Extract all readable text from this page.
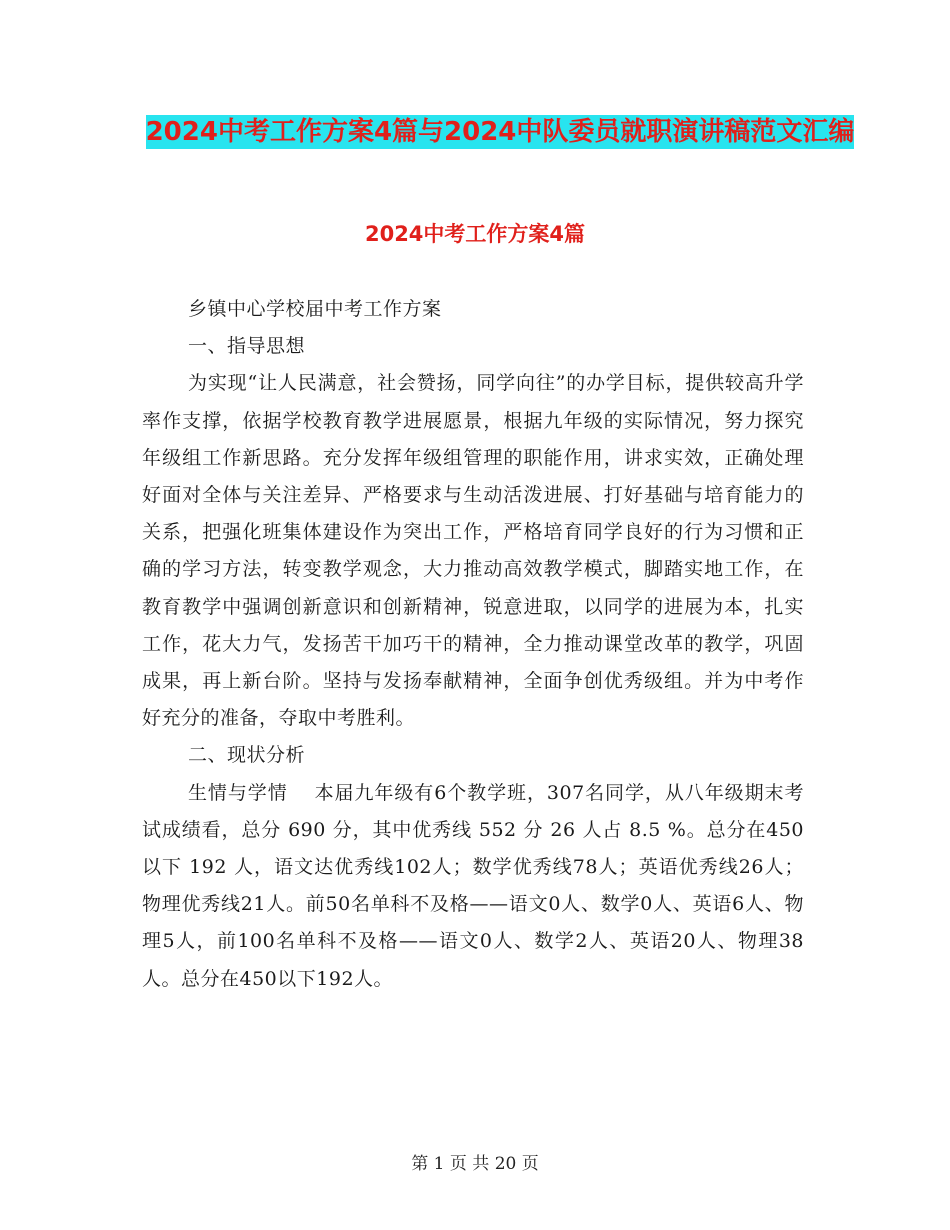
2024中考工作方案4篇与2024中队委员就职演讲稿范文汇编
2024中考工作方案4篇

乡镇中心学校届中考工作方案

一、指导思想

为实现“让人民满意，社会赞扬，同学向往”的办学目标，提供较高升学率作支撑，依据学校教育教学进展愿景，根据九年级的实际情况，努力探究年级组工作新思路。充分发挥年级组管理的职能作用，讲求实效，正确处理好面对全体与关注差异、严格要求与生动活泼进展、打好基础与培育能力的关系，把强化班集体建设作为突出工作，严格培育同学良好的行为习惯和正确的学习方法，转变教学观念，大力推动高效教学模式，脚踏实地工作，在教育教学中强调创新意识和创新精神，锐意进取，以同学的进展为本，扎实工作，花大力气，发扬苦干加巧干的精神，全力推动课堂改革的教学，巩固成果，再上新台阶。坚持与发扬奉献精神，全面争创优秀级组。并为中考作好充分的准备，夺取中考胜利。

二、现状分析

生情与学情　 本届九年级有6个教学班，307名同学，从八年级期末考试成绩看，总分 690 分，其中优秀线 552 分 26 人占 8.5 %。总分在450以下 192 人，语文达优秀线102人；数学优秀线78人；英语优秀线26人；物理优秀线21人。前50名单科不及格——语文0人、数学0人、英语6人、物理5人，前100名单科不及格——语文0人、数学2人、英语20人、物理38人。总分在450以下192人。

第 1 页 共 20 页
